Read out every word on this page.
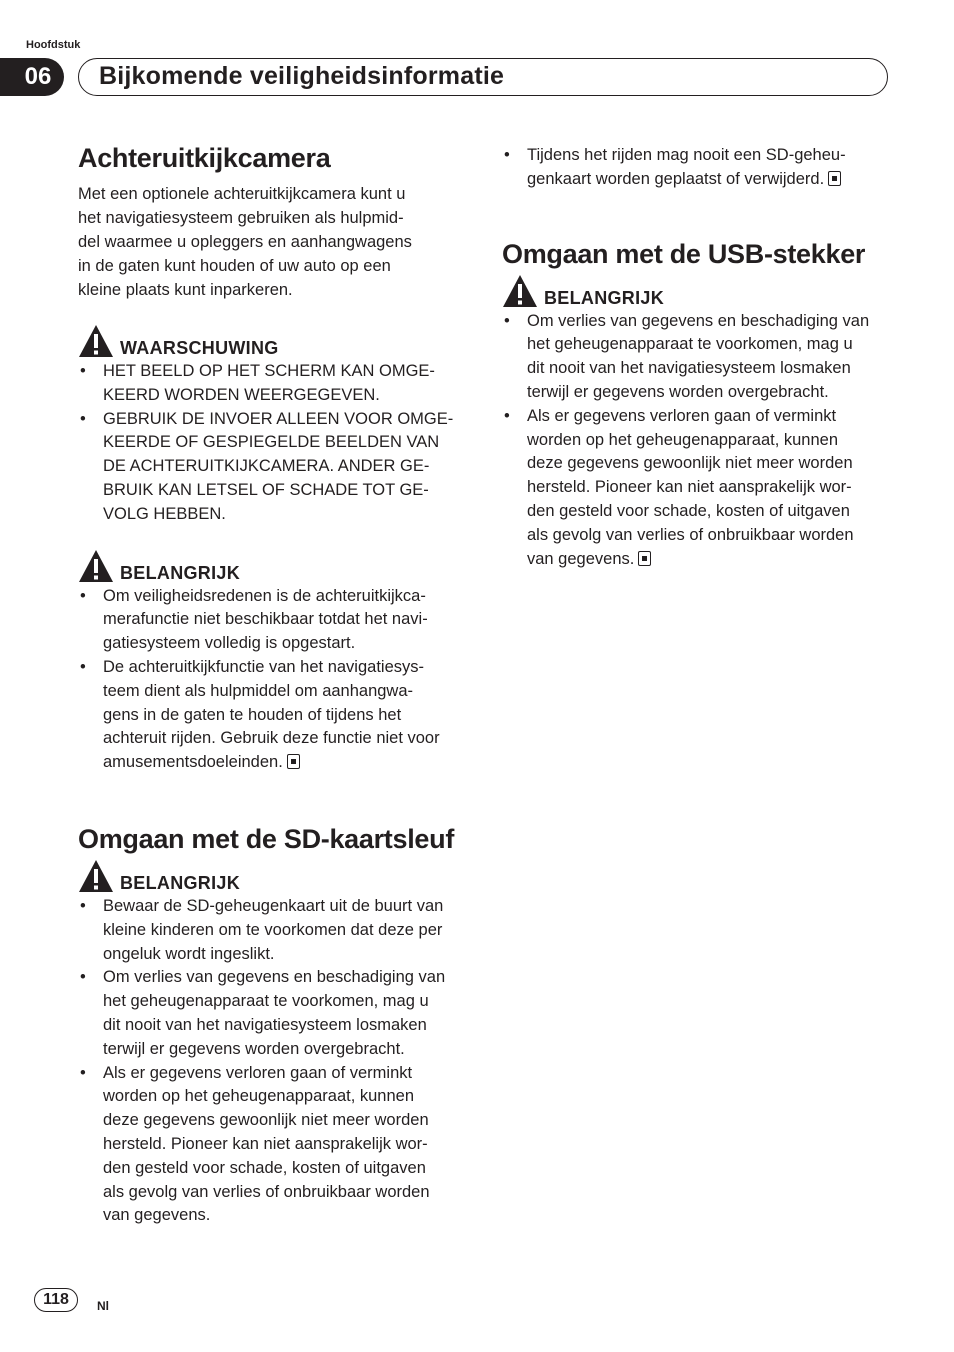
Hoofdstuk
06 Bijkomende veiligheidsinformatie
Achteruitkijkcamera

Met een optionele achteruitkijkcamera kunt u
het navigatiesysteem gebruiken als hulpmid-
del waarmee u opleggers en aanhangwagens
in de gaten kunt houden of uw auto op een
kleine plaats kunt inparkeren.

WAARSCHUWING
• HET BEELD OP HET SCHERM KAN OMGE-
KEERD WORDEN WEERGEGEVEN.
• GEBRUIK DE INVOER ALLEEN VOOR OMGE-
KEERDE OF GESPIEGELDE BEELDEN VAN
DE ACHTERUITKIJKCAMERA. ANDER GE-
BRUIK KAN LETSEL OF SCHADE TOT GE-
VOLG HEBBEN.
BELANGRIJK
• Om veiligheidsredenen is de achteruitkijkca-
merafunctie niet beschikbaar totdat het navi-
gatiesysteem volledig is opgestart.
• De achteruitkijkfunctie van het navigatiesys-
teem dient als hulpmiddel om aanhangwa-
gens in de gaten te houden of tijdens het
achteruit rijden. Gebruik deze functie niet voor
amusementsdoeleinden.
Omgaan met de SD-kaartsleuf
BELANGRIJK
• Bewaar de SD-geheugenkaart uit de buurt van
kleine kinderen om te voorkomen dat deze per
ongeluk wordt ingeslikt.
• Om verlies van gegevens en beschadiging van
het geheugenapparaat te voorkomen, mag u
dit nooit van het navigatiesysteem losmaken
terwijl er gegevens worden overgebracht.
• Als er gegevens verloren gaan of verminkt
worden op het geheugenapparaat, kunnen
deze gegevens gewoonlijk niet meer worden
hersteld. Pioneer kan niet aansprakelijk wor-
den gesteld voor schade, kosten of uitgaven
als gevolg van verlies of onbruikbaar worden
van gegevens.
• Tijdens het rijden mag nooit een SD-geheu-
genkaart worden geplaatst of verwijderd.
Omgaan met de USB-stekker
BELANGRIJK
• Om verlies van gegevens en beschadiging van
het geheugenapparaat te voorkomen, mag u
dit nooit van het navigatiesysteem losmaken
terwijl er gegevens worden overgebracht.
• Als er gegevens verloren gaan of verminkt
worden op het geheugenapparaat, kunnen
deze gegevens gewoonlijk niet meer worden
hersteld. Pioneer kan niet aansprakelijk wor-
den gesteld voor schade, kosten of uitgaven
als gevolg van verlies of onbruikbaar worden
van gegevens.
118 Nl
